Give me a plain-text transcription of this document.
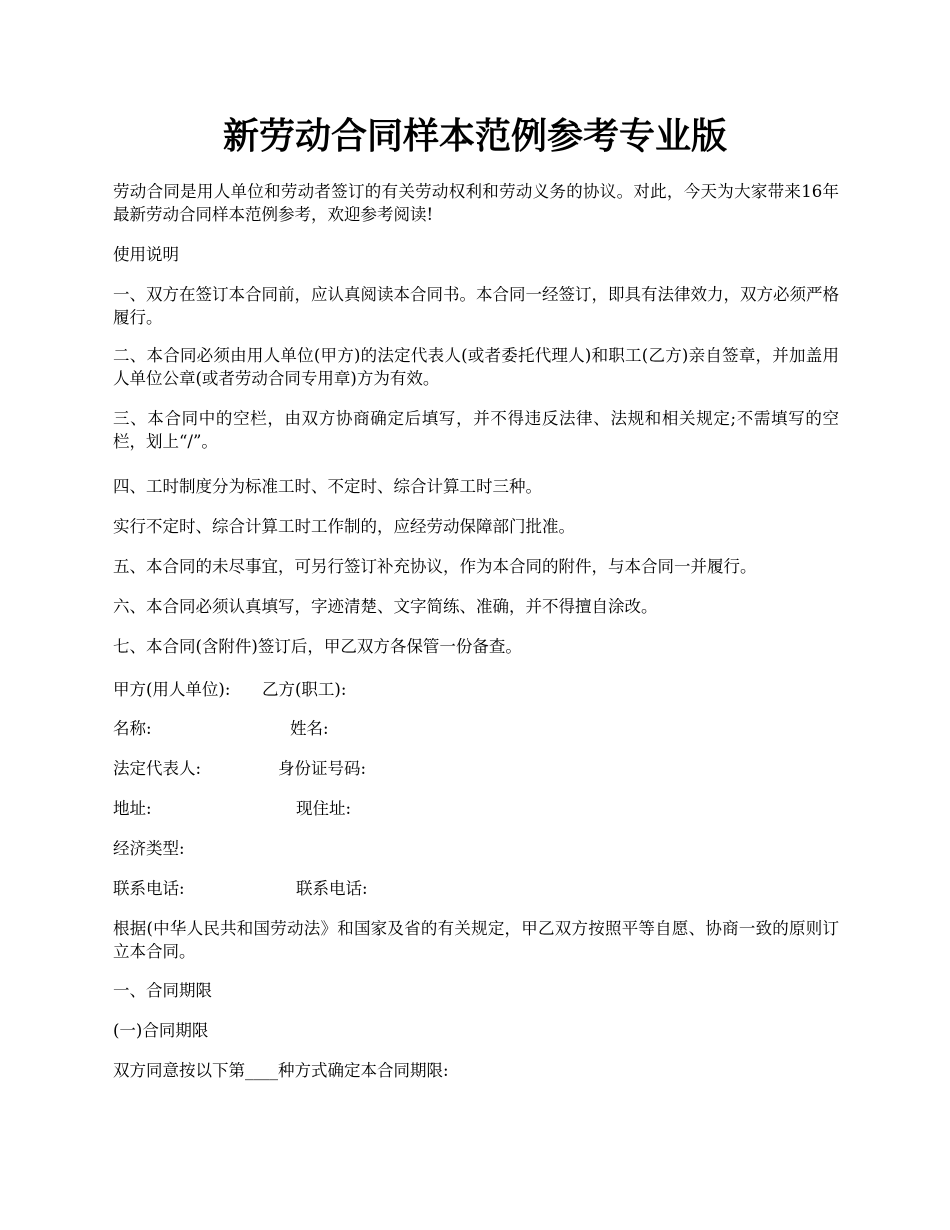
新劳动合同样本范例参考专业版

劳动合同是用人单位和劳动者签订的有关劳动权利和劳动义务的协议。对此，今天为大家带来16年最新劳动合同样本范例参考，欢迎参考阅读!

使用说明

一、双方在签订本合同前，应认真阅读本合同书。本合同一经签订，即具有法律效力，双方必须严格履行。

二、本合同必须由用人单位(甲方)的法定代表人(或者委托代理人)和职工(乙方)亲自签章，并加盖用人单位公章(或者劳动合同专用章)方为有效。

三、本合同中的空栏，由双方协商确定后填写，并不得违反法律、法规和相关规定;不需填写的空栏，划上“/”。

四、工时制度分为标准工时、不定时、综合计算工时三种。

实行不定时、综合计算工时工作制的，应经劳动保障部门批准。

五、本合同的未尽事宜，可另行签订补充协议，作为本合同的附件，与本合同一并履行。

六、本合同必须认真填写，字迹清楚、文字简练、准确，并不得擅自涂改。

七、本合同(含附件)签订后，甲乙双方各保管一份备查。

甲方(用人单位): 乙方(职工):
名称:	姓名:
法定代表人:	身份证号码:
地址:	现住址:
经济类型:
联系电话:	联系电话:

根据(中华人民共和国劳动法》和国家及省的有关规定，甲乙双方按照平等自愿、协商一致的原则订立本合同。

一、合同期限

(一)合同期限

双方同意按以下第____种方式确定本合同期限:
